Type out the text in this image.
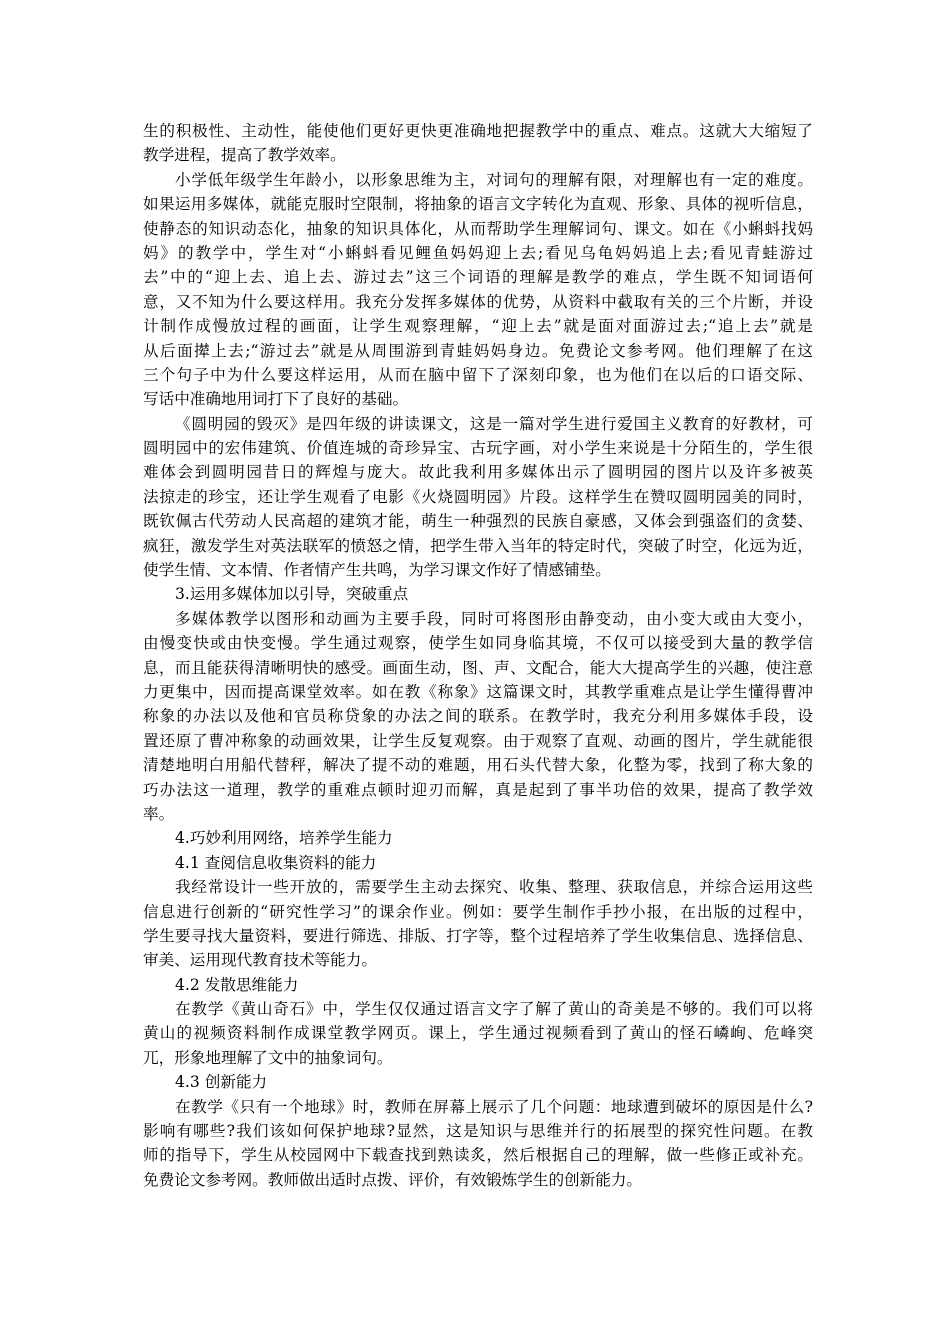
生的积极性、主动性，能使他们更好更快更准确地把握教学中的重点、难点。这就大大缩短了
教学进程，提高了教学效率。
小学低年级学生年龄小，以形象思维为主，对词句的理解有限，对理解也有一定的难度。
如果运用多媒体，就能克服时空限制，将抽象的语言文字转化为直观、形象、具体的视听信息，
使静态的知识动态化，抽象的知识具体化，从而帮助学生理解词句、课文。如在《小蝌蚪找妈
妈》的教学中，学生对“小蝌蚪看见鲤鱼妈妈迎上去;看见乌龟妈妈追上去;看见青蛙游过
去”中的“迎上去、追上去、游过去”这三个词语的理解是教学的难点，学生既不知词语何
意，又不知为什么要这样用。我充分发挥多媒体的优势，从资料中截取有关的三个片断，并设
计制作成慢放过程的画面，让学生观察理解，“迎上去”就是面对面游过去;“追上去”就是
从后面撵上去;“游过去”就是从周围游到青蛙妈妈身边。免费论文参考网。他们理解了在这
三个句子中为什么要这样运用，从而在脑中留下了深刻印象，也为他们在以后的口语交际、
写话中准确地用词打下了良好的基础。
《圆明园的毁灭》是四年级的讲读课文，这是一篇对学生进行爱国主义教育的好教材，可
圆明园中的宏伟建筑、价值连城的奇珍异宝、古玩字画，对小学生来说是十分陌生的，学生很
难体会到圆明园昔日的辉煌与庞大。故此我利用多媒体出示了圆明园的图片以及许多被英
法掠走的珍宝，还让学生观看了电影《火烧圆明园》片段。这样学生在赞叹圆明园美的同时，
既钦佩古代劳动人民高超的建筑才能，萌生一种强烈的民族自豪感，又体会到强盗们的贪婪、
疯狂，激发学生对英法联军的愤怒之情，把学生带入当年的特定时代，突破了时空，化远为近，
使学生情、文本情、作者情产生共鸣，为学习课文作好了情感铺垫。
3.运用多媒体加以引导，突破重点
多媒体教学以图形和动画为主要手段，同时可将图形由静变动，由小变大或由大变小，
由慢变快或由快变慢。学生通过观察，使学生如同身临其境，不仅可以接受到大量的教学信
息，而且能获得清晰明快的感受。画面生动，图、声、文配合，能大大提高学生的兴趣，使注意
力更集中，因而提高课堂效率。如在教《称象》这篇课文时，其教学重难点是让学生懂得曹冲
称象的办法以及他和官员称贷象的办法之间的联系。在教学时，我充分利用多媒体手段，设
置还原了曹冲称象的动画效果，让学生反复观察。由于观察了直观、动画的图片，学生就能很
清楚地明白用船代替秤，解决了提不动的难题，用石头代替大象，化整为零，找到了称大象的
巧办法这一道理，教学的重难点顿时迎刃而解，真是起到了事半功倍的效果，提高了教学效
率。
4.巧妙利用网络，培养学生能力
4.1 查阅信息收集资料的能力
我经常设计一些开放的，需要学生主动去探究、收集、整理、获取信息，并综合运用这些
信息进行创新的“研究性学习”的课余作业。例如：要学生制作手抄小报，在出版的过程中，
学生要寻找大量资料，要进行筛选、排版、打字等，整个过程培养了学生收集信息、选择信息、
审美、运用现代教育技术等能力。
4.2 发散思维能力
在教学《黄山奇石》中，学生仅仅通过语言文字了解了黄山的奇美是不够的。我们可以将
黄山的视频资料制作成课堂教学网页。课上，学生通过视频看到了黄山的怪石嶙峋、危峰突
兀，形象地理解了文中的抽象词句。
4.3 创新能力
在教学《只有一个地球》时，教师在屏幕上展示了几个问题：地球遭到破坏的原因是什么?
影响有哪些?我们该如何保护地球?显然，这是知识与思维并行的拓展型的探究性问题。在教
师的指导下，学生从校园网中下载查找到熟读炙，然后根据自己的理解，做一些修正或补充。
免费论文参考网。教师做出适时点拨、评价，有效锻炼学生的创新能力。
